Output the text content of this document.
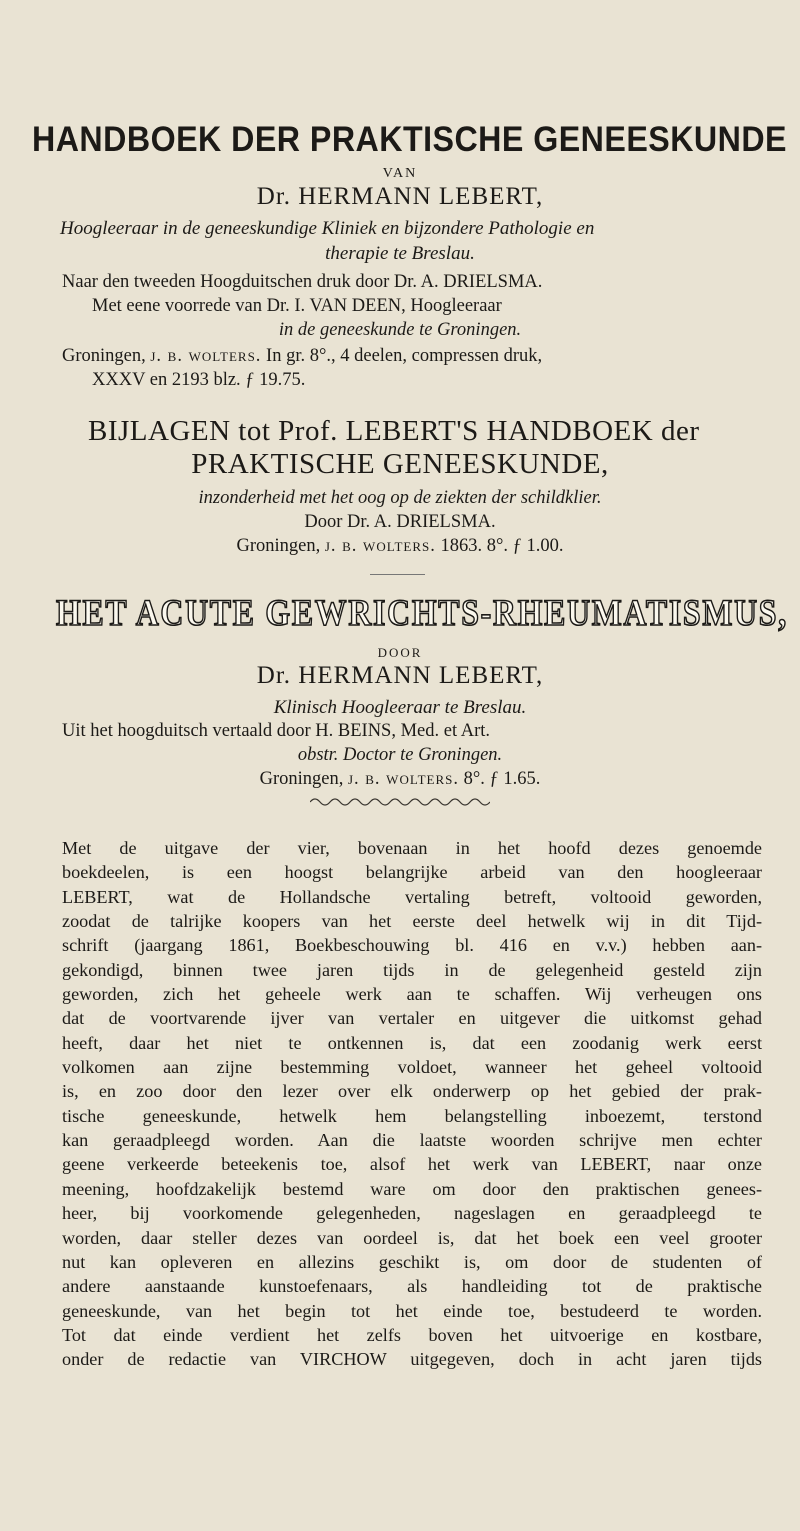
HANDBOEK DER PRAKTISCHE GENEESKUNDE
VAN
Dr. HERMANN LEBERT,
Hoogleeraar in de geneeskundige Kliniek en bijzondere Pathologie en
therapie te Breslau.
Naar den tweeden Hoogduitschen druk door Dr. A. DRIELSMA.
Met eene voorrede van Dr. I. VAN DEEN, Hoogleeraar
in de geneeskunde te Groningen.
Groningen, j. b. wolters. In gr. 8°., 4 deelen, compressen druk,
XXXV en 2193 blz. ƒ 19.75.
BIJLAGEN tot Prof. LEBERT'S HANDBOEK der
PRAKTISCHE GENEESKUNDE,
inzonderheid met het oog op de ziekten der schildklier.
Door Dr. A. DRIELSMA.
Groningen, j. b. wolters. 1863. 8°. ƒ 1.00.
HET ACUTE GEWRICHTS-RHEUMATISMUS,
DOOR
Dr. HERMANN LEBERT,
Klinisch Hoogleeraar te Breslau.
Uit het hoogduitsch vertaald door H. BEINS, Med. et Art.
obstr. Doctor te Groningen.
Groningen, j. b. wolters. 8°. ƒ 1.65.
Met de uitgave der vier, bovenaan in het hoofd dezes genoemde
boekdeelen, is een hoogst belangrijke arbeid van den hoogleeraar
LEBERT, wat de Hollandsche vertaling betreft, voltooid geworden,
zoodat de talrijke koopers van het eerste deel hetwelk wij in dit Tijd-
schrift (jaargang 1861, Boekbeschouwing bl. 416 en v.v.) hebben aan-
gekondigd, binnen twee jaren tijds in de gelegenheid gesteld zijn
geworden, zich het geheele werk aan te schaffen. Wij verheugen ons
dat de voortvarende ijver van vertaler en uitgever die uitkomst gehad
heeft, daar het niet te ontkennen is, dat een zoodanig werk eerst
volkomen aan zijne bestemming voldoet, wanneer het geheel voltooid
is, en zoo door den lezer over elk onderwerp op het gebied der prak-
tische geneeskunde, hetwelk hem belangstelling inboezemt, terstond
kan geraadpleegd worden. Aan die laatste woorden schrijve men echter
geene verkeerde beteekenis toe, alsof het werk van LEBERT, naar onze
meening, hoofdzakelijk bestemd ware om door den praktischen genees-
heer, bij voorkomende gelegenheden, nageslagen en geraadpleegd te
worden, daar steller dezes van oordeel is, dat het boek een veel grooter
nut kan opleveren en allezins geschikt is, om door de studenten of
andere aanstaande kunstoefenaars, als handleiding tot de praktische
geneeskunde, van het begin tot het einde toe, bestudeerd te worden.
Tot dat einde verdient het zelfs boven het uitvoerige en kostbare,
onder de redactie van VIRCHOW uitgegeven, doch in acht jaren tijds
